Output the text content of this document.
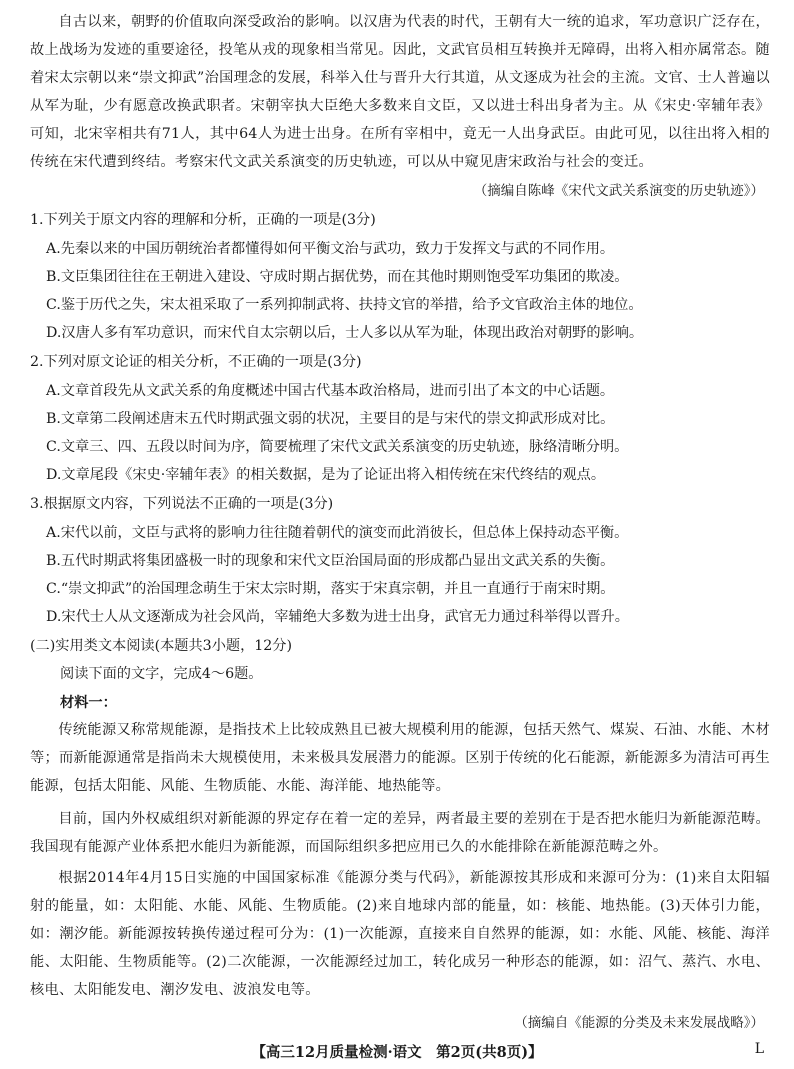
自古以来，朝野的价值取向深受政治的影响。以汉唐为代表的时代，王朝有大一统的追求，军功意识广泛存在，故上战场为发迹的重要途径，投笔从戎的现象相当常见。因此，文武官员相互转换并无障碍，出将入相亦属常态。随着宋太宗朝以来“崇文抑武”治国理念的发展，科举入仕与晋升大行其道，从文逐成为社会的主流。文官、士人普遍以从军为耻，少有愿意改换武职者。宋朝宰执大臣绝大多数来自文臣，又以进士科出身者为主。从《宋史·宰辅年表》可知，北宋宰相共有71人，其中64人为进士出身。在所有宰相中，竟无一人出身武臣。由此可见，以往出将入相的传统在宋代遭到终结。考察宋代文武关系演变的历史轨迹，可以从中窥见唐宋政治与社会的变迁。

（摘编自陈峰《宋代文武关系演变的历史轨迹》）

1.下列关于原文内容的理解和分析，正确的一项是(3分)

A.先秦以来的中国历朝统治者都懂得如何平衡文治与武功，致力于发挥文与武的不同作用。

B.文臣集团往往在王朝进入建设、守成时期占据优势，而在其他时期则饱受军功集团的欺凌。

C.鉴于历代之失，宋太祖采取了一系列抑制武将、扶持文官的举措，给予文官政治主体的地位。

D.汉唐人多有军功意识，而宋代自太宗朝以后，士人多以从军为耻，体现出政治对朝野的影响。

2.下列对原文论证的相关分析，不正确的一项是(3分)

A.文章首段先从文武关系的角度概述中国古代基本政治格局，进而引出了本文的中心话题。

B.文章第二段阐述唐末五代时期武强文弱的状况，主要目的是与宋代的崇文抑武形成对比。

C.文章三、四、五段以时间为序，简要梳理了宋代文武关系演变的历史轨迹，脉络清晰分明。

D.文章尾段《宋史·宰辅年表》的相关数据，是为了论证出将入相传统在宋代终结的观点。

3.根据原文内容，下列说法不正确的一项是(3分)

A.宋代以前，文臣与武将的影响力往往随着朝代的演变而此消彼长，但总体上保持动态平衡。

B.五代时期武将集团盛极一时的现象和宋代文臣治国局面的形成都凸显出文武关系的失衡。

C.“崇文抑武”的治国理念萌生于宋太宗时期，落实于宋真宗朝，并且一直通行于南宋时期。

D.宋代士人从文逐渐成为社会风尚，宰辅绝大多数为进士出身，武官无力通过科举得以晋升。

(二)实用类文本阅读(本题共3小题，12分)

阅读下面的文字，完成4～6题。

材料一：

传统能源又称常规能源，是指技术上比较成熟且已被大规模利用的能源，包括天然气、煤炭、石油、水能、木材等；而新能源通常是指尚未大规模使用，未来极具发展潜力的能源。区别于传统的化石能源，新能源多为清洁可再生能源，包括太阳能、风能、生物质能、水能、海洋能、地热能等。

目前，国内外权威组织对新能源的界定存在着一定的差异，两者最主要的差别在于是否把水能归为新能源范畴。我国现有能源产业体系把水能归为新能源，而国际组织多把应用已久的水能排除在新能源范畴之外。

根据2014年4月15日实施的中国国家标准《能源分类与代码》，新能源按其形成和来源可分为：(1)来自太阳辐射的能量，如：太阳能、水能、风能、生物质能。(2)来自地球内部的能量，如：核能、地热能。(3)天体引力能，如：潮汐能。新能源按转换传递过程可分为：(1)一次能源，直接来自自然界的能源，如：水能、风能、核能、海洋能、太阳能、生物质能等。(2)二次能源，一次能源经过加工，转化成另一种形态的能源，如：沼气、蒸汽、水电、核电、太阳能发电、潮汐发电、波浪发电等。

（摘编自《能源的分类及未来发展战略》）

【高三12月质量检测·语文　第2页(共8页)】	L
